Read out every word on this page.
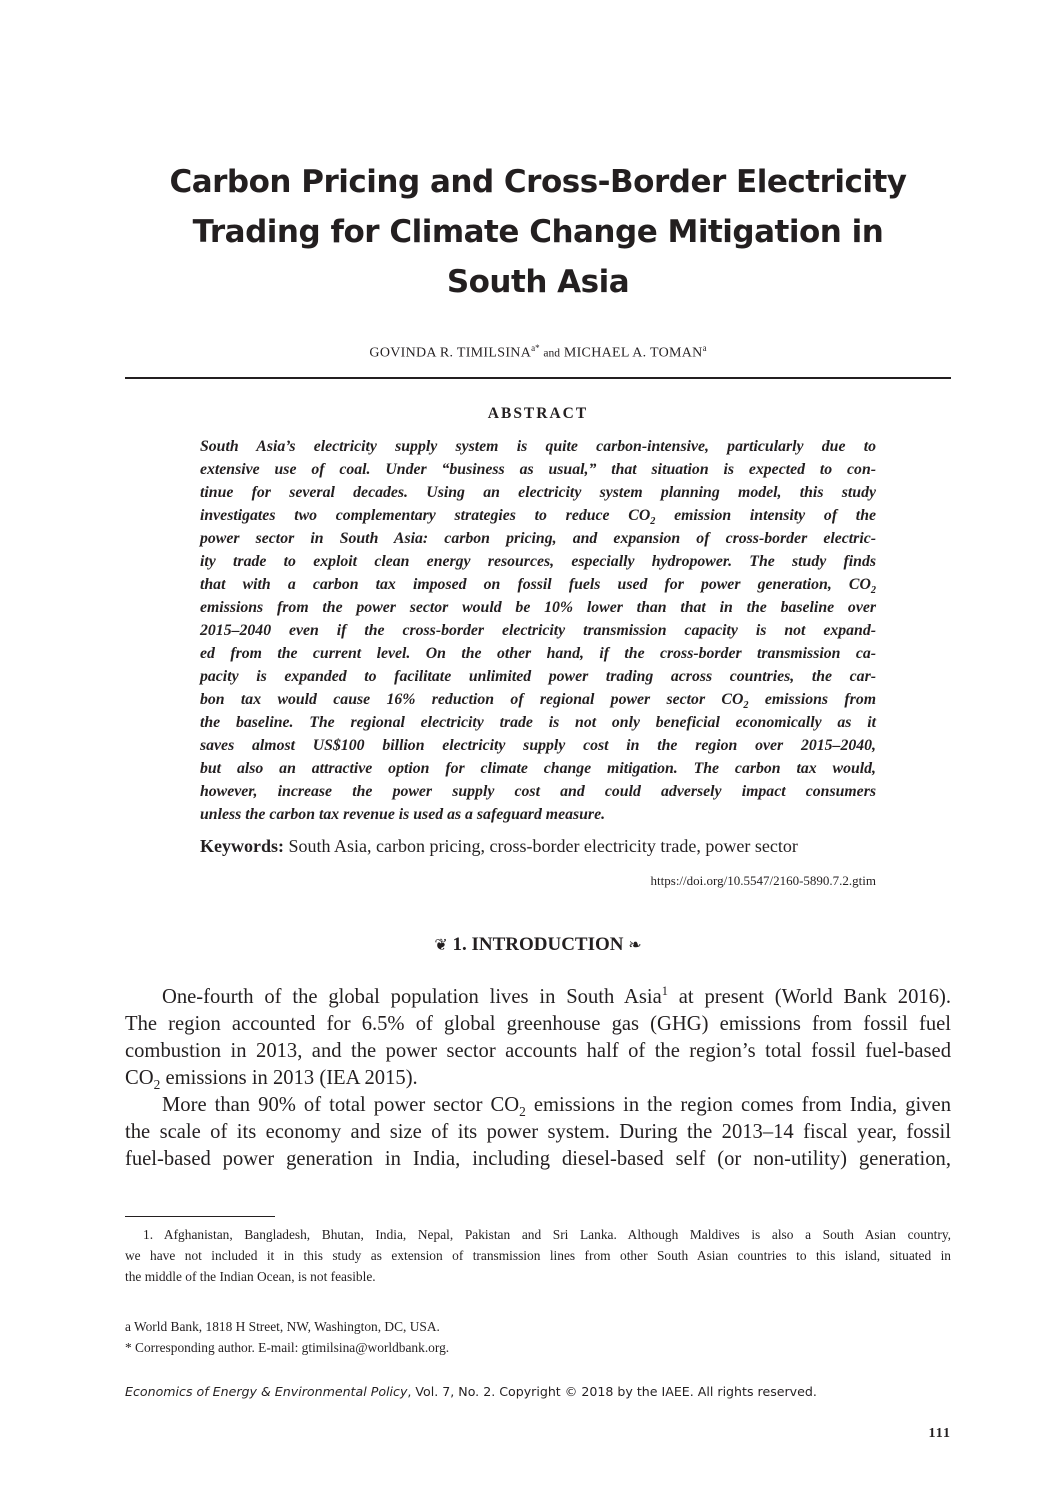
Carbon Pricing and Cross-Border Electricity
Trading for Climate Change Mitigation in
South Asia
GOVINDA R. $TIMILSINA^{a*}$ and MICHAEL A. TOMAN$^a$
ABSTRACT
South Asia’s electricity supply system is quite carbon-intensive, particularly due to
extensive use of coal. Under “business as usual,” that situation is expected to con-
tinue for several decades. Using an electricity system planning model, this study
investigates two complementary strategies to reduce $CO_2$ emission intensity of the
power sector in South Asia: carbon pricing, and expansion of cross-border electric-
ity trade to exploit clean energy resources, especially hydropower. The study finds
that with a carbon tax imposed on fossil fuels used for power generation, $CO_2$
emissions from the power sector would be 10% lower than that in the baseline over
2015–2040 even if the cross-border electricity transmission capacity is not expand-
ed from the current level. On the other hand, if the cross-border transmission ca-
pacity is expanded to facilitate unlimited power trading across countries, the car-
bon tax would cause 16% reduction of regional power sector $CO_2$ emissions from
the baseline. The regional electricity trade is not only beneficial economically as it
saves almost US$100 billion electricity supply cost in the region over 2015–2040,
but also an attractive option for climate change mitigation. The carbon tax would,
however, increase the power supply cost and could adversely impact consumers
unless the carbon tax revenue is used as a safeguard measure.
Keywords: South Asia, carbon pricing, cross-border electricity trade, power sector
https://doi.org/10.5547/2160-5890.7.2.gtim
❦ 1. INTRODUCTION ❧
One-fourth of the global population lives in South Asia$^1$ at present (World Bank 2016).
The region accounted for 6.5% of global greenhouse gas (GHG) emissions from fossil fuel
combustion in 2013, and the power sector accounts half of the region’s total fossil fuel-based
$CO_2$ emissions in 2013 (IEA 2015).
More than 90% of total power sector $CO_2$ emissions in the region comes from India, given
the scale of its economy and size of its power system. During the 2013–14 fiscal year, fossil
fuel-based power generation in India, including diesel-based self (or non-utility) generation,
1. Afghanistan, Bangladesh, Bhutan, India, Nepal, Pakistan and Sri Lanka. Although Maldives is also a South Asian country,
we have not included it in this study as extension of transmission lines from other South Asian countries to this island, situated in
the middle of the Indian Ocean, is not feasible.
a World Bank, 1818 H Street, NW, Washington, DC, USA.
* Corresponding author. E-mail: gtimilsina@worldbank.org.
Economics of Energy & Environmental Policy, Vol. 7, No. 2. Copyright © 2018 by the IAEE. All rights reserved.
111
